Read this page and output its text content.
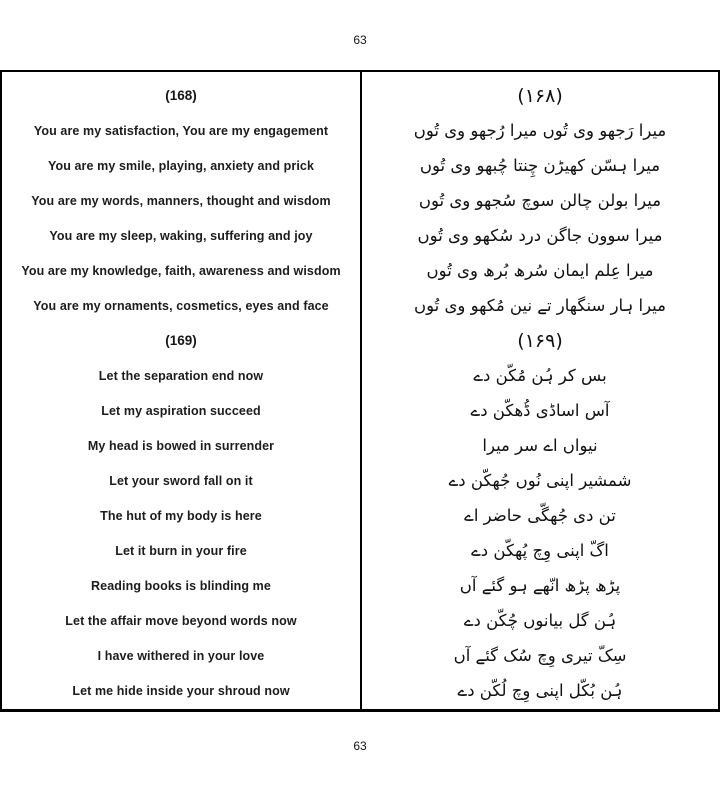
63
(168)
You are my satisfaction, You are my engagement
You are my smile, playing, anxiety and prick
You are my words, manners, thought and wisdom
You are my sleep, waking, suffering and joy
You are my knowledge, faith, awareness and wisdom
You are my ornaments, cosmetics, eyes and face
(169)
Let the separation end now
Let my aspiration succeed
My head is bowed in surrender
Let your sword fall on it
The hut of my body is here
Let it burn in your fire
Reading books is blinding me
Let the affair move beyond words now
I have withered in your love
Let me hide inside your shroud now
(۱۶۸)
میرا رَجھو وی تُوں میرا رُجھو وی تُوں
میرا ہسّن کھیڑن چِنتا چُبھو وی تُوں
میرا بولن چالن سوچ سُجھو وی تُوں
میرا سوون جاگن درد سُکھو وی تُوں
میرا عِلم ایمان سُرھ بُرھ وی تُوں
میرا ہار سنگھار تے نین مُکھو وی تُوں
(۱۶۹)
بس کر ہُن مُکّن دے
آس اساڈی ڈُھکّن دے
نیواں اے سر میرا
شمشیر اپنی نُوں جُھکّن دے
تن دی جُھگّی حاضر اے
اگّ اپنی وِچ پُھکّن دے
پڑھ پڑھ انّھے ہو گئے آں
ہُن گل بیانوں چُکّن دے
سِکّ تیری وِچ سُک گئے آں
ہُن بُکّل اپنی وِچ لُکّن دے
63
